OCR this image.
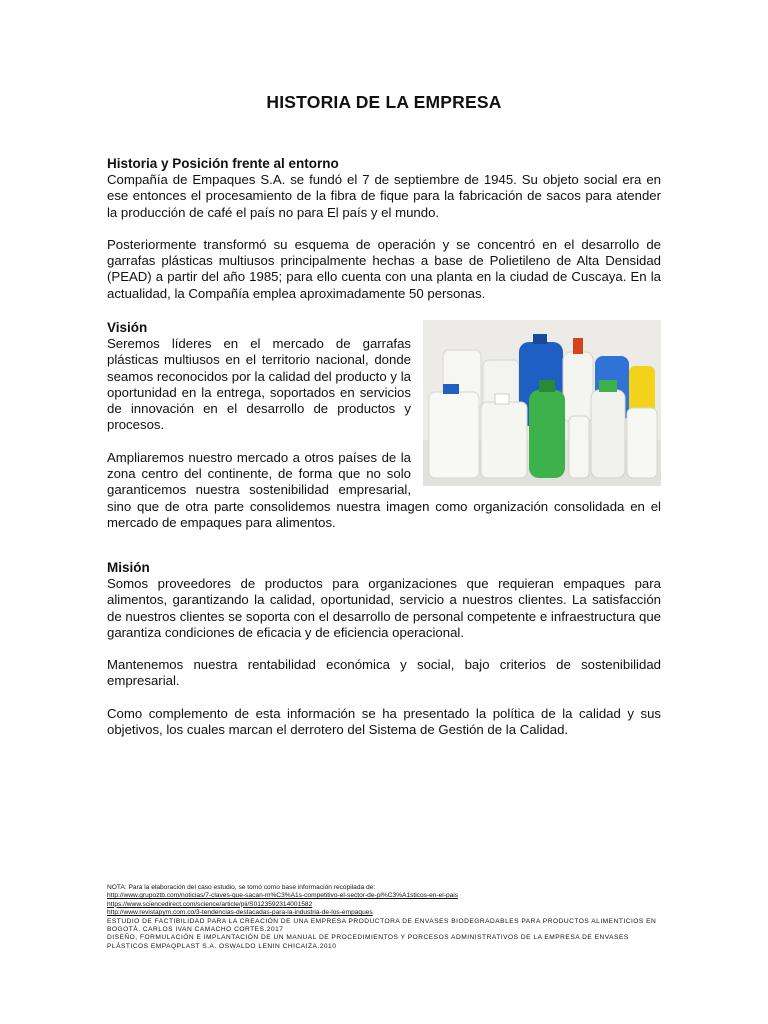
HISTORIA DE LA EMPRESA
Historia y Posición frente al entorno

Compañía de Empaques S.A. se fundó el 7 de septiembre de 1945. Su objeto social era en ese entonces el procesamiento de la fibra de fique para la fabricación de sacos para atender la producción de café el país no para El país y el mundo.

Posteriormente transformó su esquema de operación y se concentró en el desarrollo de garrafas plásticas multiusos principalmente hechas a base de Polietileno de Alta Densidad (PEAD) a partir del año 1985; para ello cuenta con una planta en la ciudad de Cuscaya. En la actualidad, la Compañía emplea aproximadamente 50 personas.

Visión

Seremos líderes en el mercado de garrafas plásticas multiusos en el territorio nacional, donde seamos reconocidos por la calidad del producto y la oportunidad en la entrega, soportados en servicios de innovación en el desarrollo de productos y procesos.

Ampliaremos nuestro mercado a otros países de la zona centro del continente, de forma que no solo garanticemos nuestra sostenibilidad empresarial, sino que de otra parte consolidemos nuestra imagen como organización consolidada en el mercado de empaques para alimentos.

Misión

Somos proveedores de productos para organizaciones que requieran empaques para alimentos, garantizando la calidad, oportunidad, servicio a nuestros clientes. La satisfacción de nuestros clientes se soporta con el desarrollo de personal competente e infraestructura que garantiza condiciones de eficacia y de eficiencia operacional.

Mantenemos nuestra rentabilidad económica y social, bajo criterios de sostenibilidad empresarial.

Como complemento de esta información se ha presentado la política de la calidad y sus objetivos, los cuales marcan el derrotero del Sistema de Gestión de la Calidad.

NOTA: Para la elaboración del caso estudio, se tomó como base información recopilada de:
http://www.grupoztb.com/noticias/7-claves-que-sacan-m%C3%A1s-competitivo-el-sector-de-pl%C3%A1sticos-en-el-pais
https://www.sciencedirect.com/science/article/pii/S0123592314001582
http://www.revistapym.com.co/3-tendencias-destacadas-para-la-industria-de-los-empaques
ESTUDIO DE FACTIBILIDAD PARA LA CREACIÓN DE UNA EMPRESA PRODUCTORA DE ENVASES BIODEGRADABLES PARA PRODUCTOS ALIMENTICIOS EN BOGOTÁ. CARLOS IVAN CAMACHO CORTES.2017
DISEÑO, FORMULACIÓN E IMPLANTACIÓN DE UN MANUAL DE PROCEDIMIENTOS Y PORCESOS ADMINISTRATIVOS DE LA EMPRESA DE ENVASES PLÁSTICOS EMPAQPLAST S.A. OSWALDO LENIN CHICAIZA.2010
